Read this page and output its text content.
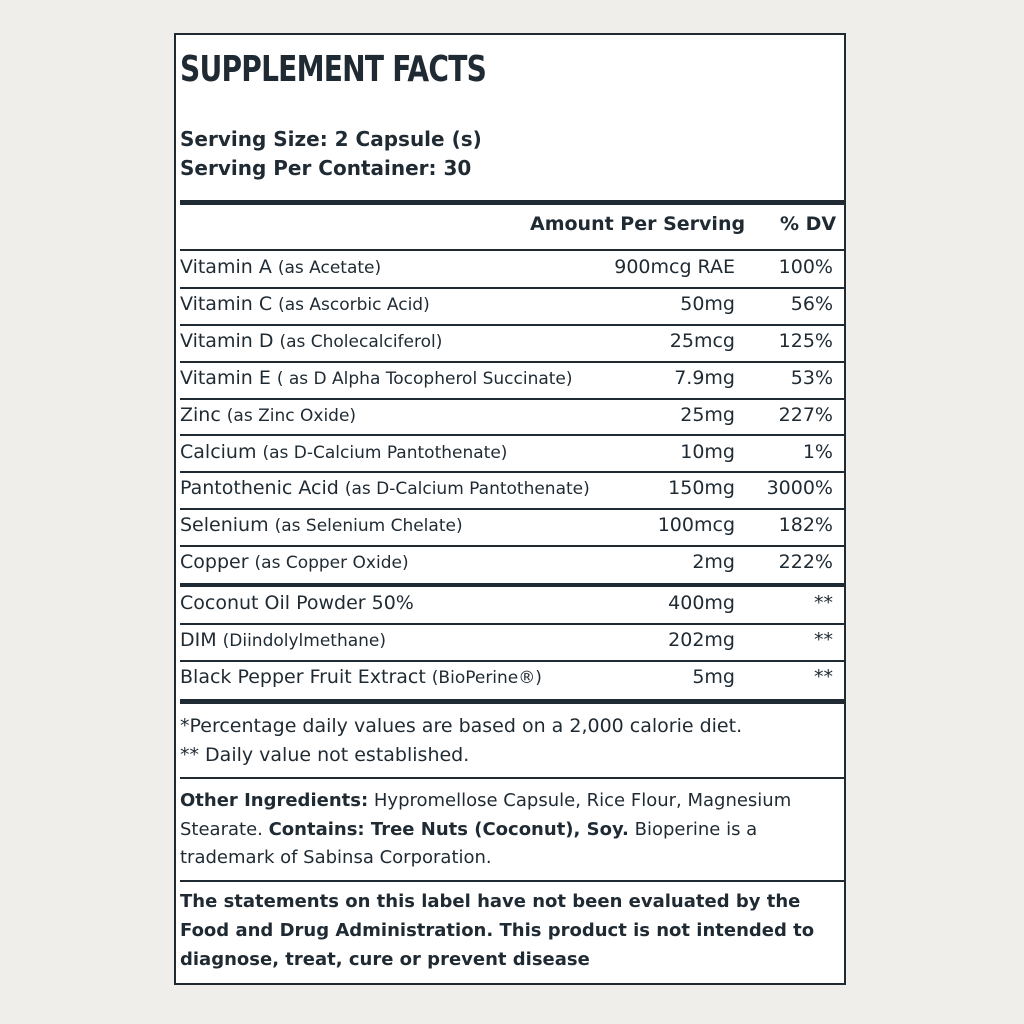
SUPPLEMENT FACTS
Serving Size: 2 Capsule (s)
Serving Per Container: 30
Amount Per Serving % DV
Vitamin A (as Acetate)	900mcg RAE 100%
Vitamin C (as Ascorbic Acid)	50mg	56%
Vitamin D (as Cholecalciferol)	25mcg 125%
Vitamin E ( as D Alpha Tocopherol Succinate)	7.9mg	53%
Zinc (as Zinc Oxide)	25mg 227%
Calcium (as D-Calcium Pantothenate)	10mg	1%
Pantothenic Acid (as D-Calcium Pantothenate)	150mg 3000%
Selenium (as Selenium Chelate)	100mcg 182%
Copper (as Copper Oxide)	2mg 222%
Coconut Oil Powder 50%	400mg	**
DIM (Diindolylmethane)	202mg	**
Black Pepper Fruit Extract (BioPerine®)	5mg	**
*Percentage daily values are based on a 2,000 calorie diet.
** Daily value not established.
Other Ingredients: Hypromellose Capsule, Rice Flour, Magnesium Stearate. Contains: Tree Nuts (Coconut), Soy. Bioperine is a trademark of Sabinsa Corporation.
The statements on this label have not been evaluated by the Food and Drug Administration. This product is not intended to diagnose, treat, cure or prevent disease
